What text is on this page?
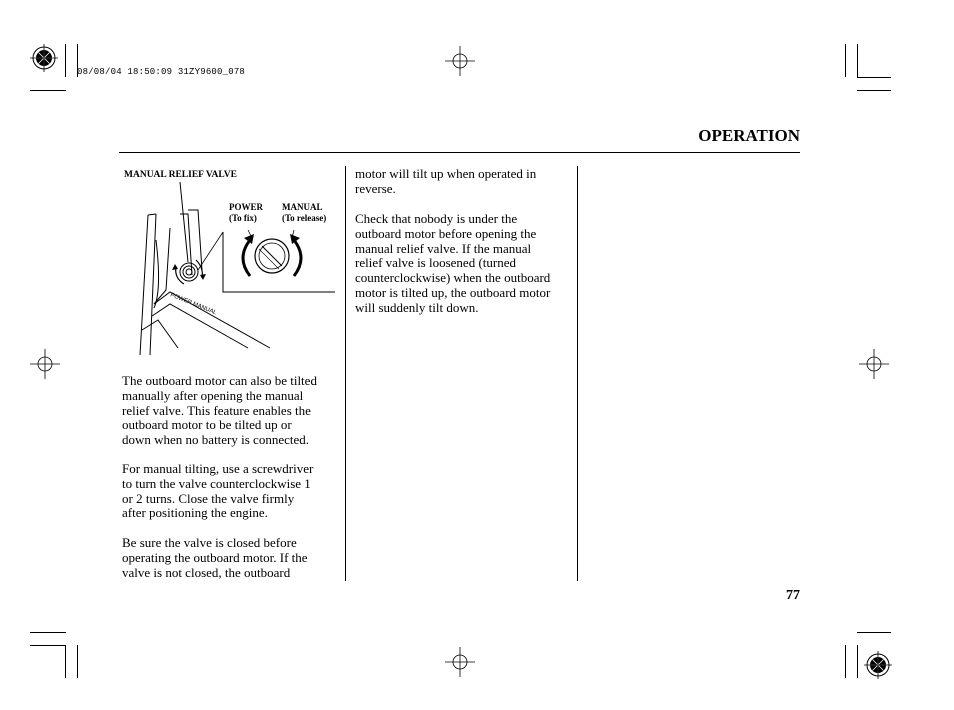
08/08/04 18:50:09 31ZY9600_078
OPERATION
MANUAL RELIEF VALVE
POWER
(To fix)
MANUAL
(To release)
POWER MANUAL
The outboard motor can also be tilted
manually after opening the manual
relief valve. This feature enables the
outboard motor to be tilted up or
down when no battery is connected.
For manual tilting, use a screwdriver
to turn the valve counterclockwise 1
or 2 turns. Close the valve firmly
after positioning the engine.
Be sure the valve is closed before
operating the outboard motor. If the
valve is not closed, the outboard
motor will tilt up when operated in
reverse.
Check that nobody is under the
outboard motor before opening the
manual relief valve. If the manual
relief valve is loosened (turned
counterclockwise) when the outboard
motor is tilted up, the outboard motor
will suddenly tilt down.
77
